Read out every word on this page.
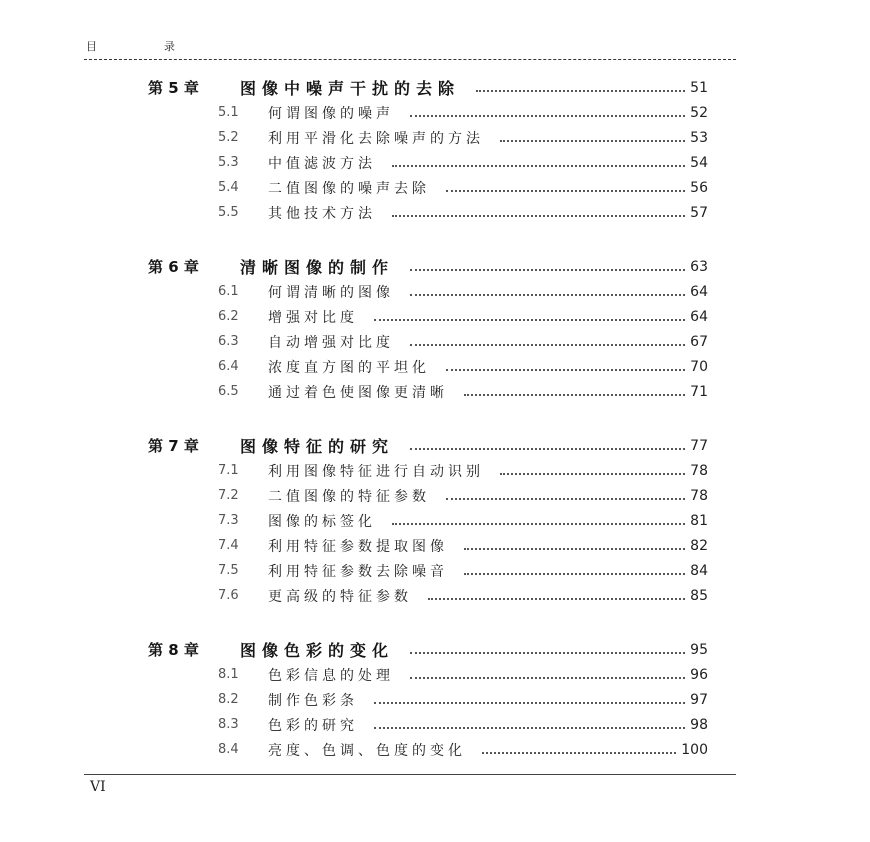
目　录
第 5 章	图像中噪声干扰的去除	51
5.1	何谓图像的噪声	52
5.2	利用平滑化去除噪声的方法	53
5.3	中值滤波方法	54
5.4	二值图像的噪声去除	56
5.5	其他技术方法	57
第 6 章	清晰图像的制作	63
6.1	何谓清晰的图像	64
6.2	增强对比度	64
6.3	自动增强对比度	67
6.4	浓度直方图的平坦化	70
6.5	通过着色使图像更清晰	71
第 7 章	图像特征的研究	77
7.1	利用图像特征进行自动识别	78
7.2	二值图像的特征参数	78
7.3	图像的标签化	81
7.4	利用特征参数提取图像	82
7.5	利用特征参数去除噪音	84
7.6	更高级的特征参数	85
第 8 章	图像色彩的变化	95
8.1	色彩信息的处理	96
8.2	制作色彩条	97
8.3	色彩的研究	98
8.4	亮度、色调、色度的变化	100
VI
